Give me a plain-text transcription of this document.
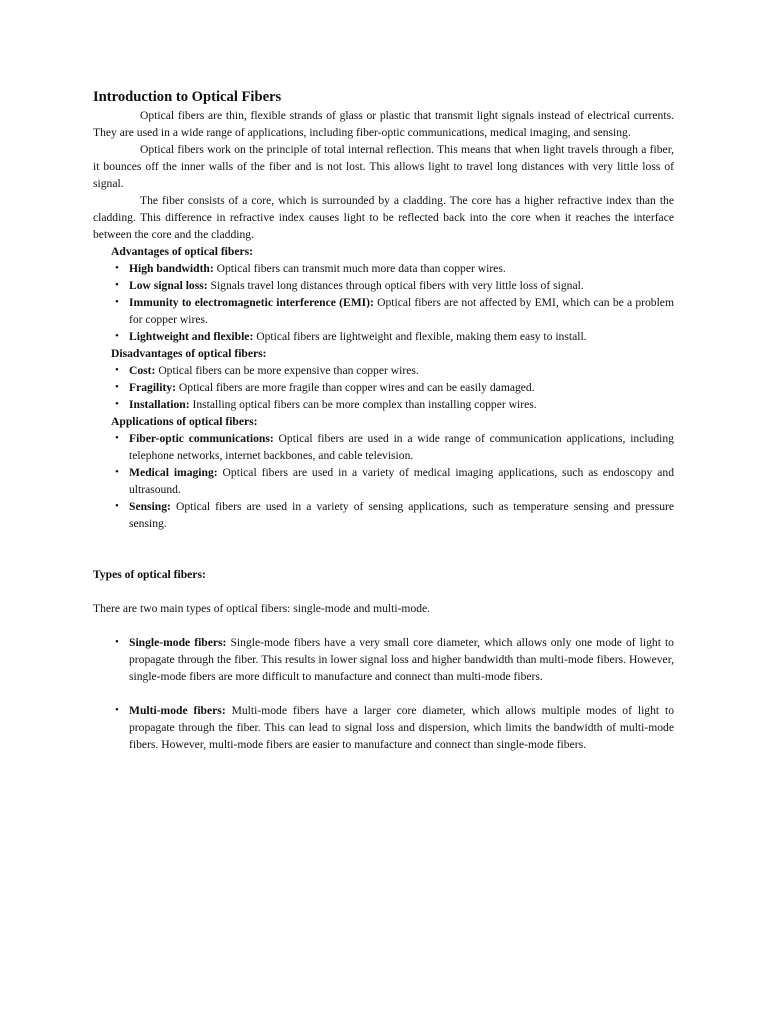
Introduction to Optical Fibers

Optical fibers are thin, flexible strands of glass or plastic that transmit light signals instead of electrical currents. They are used in a wide range of applications, including fiber-optic communications, medical imaging, and sensing.

Optical fibers work on the principle of total internal reflection. This means that when light travels through a fiber, it bounces off the inner walls of the fiber and is not lost. This allows light to travel long distances with very little loss of signal.

The fiber consists of a core, which is surrounded by a cladding. The core has a higher refractive index than the cladding. This difference in refractive index causes light to be reflected back into the core when it reaches the interface between the core and the cladding.

Advantages of optical fibers:
• High bandwidth: Optical fibers can transmit much more data than copper wires.
• Low signal loss: Signals travel long distances through optical fibers with very little loss of signal.
• Immunity to electromagnetic interference (EMI): Optical fibers are not affected by EMI, which can be a problem for copper wires.
• Lightweight and flexible: Optical fibers are lightweight and flexible, making them easy to install.
Disadvantages of optical fibers:
• Cost: Optical fibers can be more expensive than copper wires.
• Fragility: Optical fibers are more fragile than copper wires and can be easily damaged.
• Installation: Installing optical fibers can be more complex than installing copper wires.
Applications of optical fibers:
• Fiber-optic communications: Optical fibers are used in a wide range of communication applications, including telephone networks, internet backbones, and cable television.
• Medical imaging: Optical fibers are used in a variety of medical imaging applications, such as endoscopy and ultrasound.
• Sensing: Optical fibers are used in a variety of sensing applications, such as temperature sensing and pressure sensing.
Types of optical fibers:

There are two main types of optical fibers: single-mode and multi-mode.

• Single-mode fibers: Single-mode fibers have a very small core diameter, which allows only one mode of light to propagate through the fiber. This results in lower signal loss and higher bandwidth than multi-mode fibers. However, single-mode fibers are more difficult to manufacture and connect than multi-mode fibers.
• Multi-mode fibers: Multi-mode fibers have a larger core diameter, which allows multiple modes of light to propagate through the fiber. This can lead to signal loss and dispersion, which limits the bandwidth of multi-mode fibers. However, multi-mode fibers are easier to manufacture and connect than single-mode fibers.
